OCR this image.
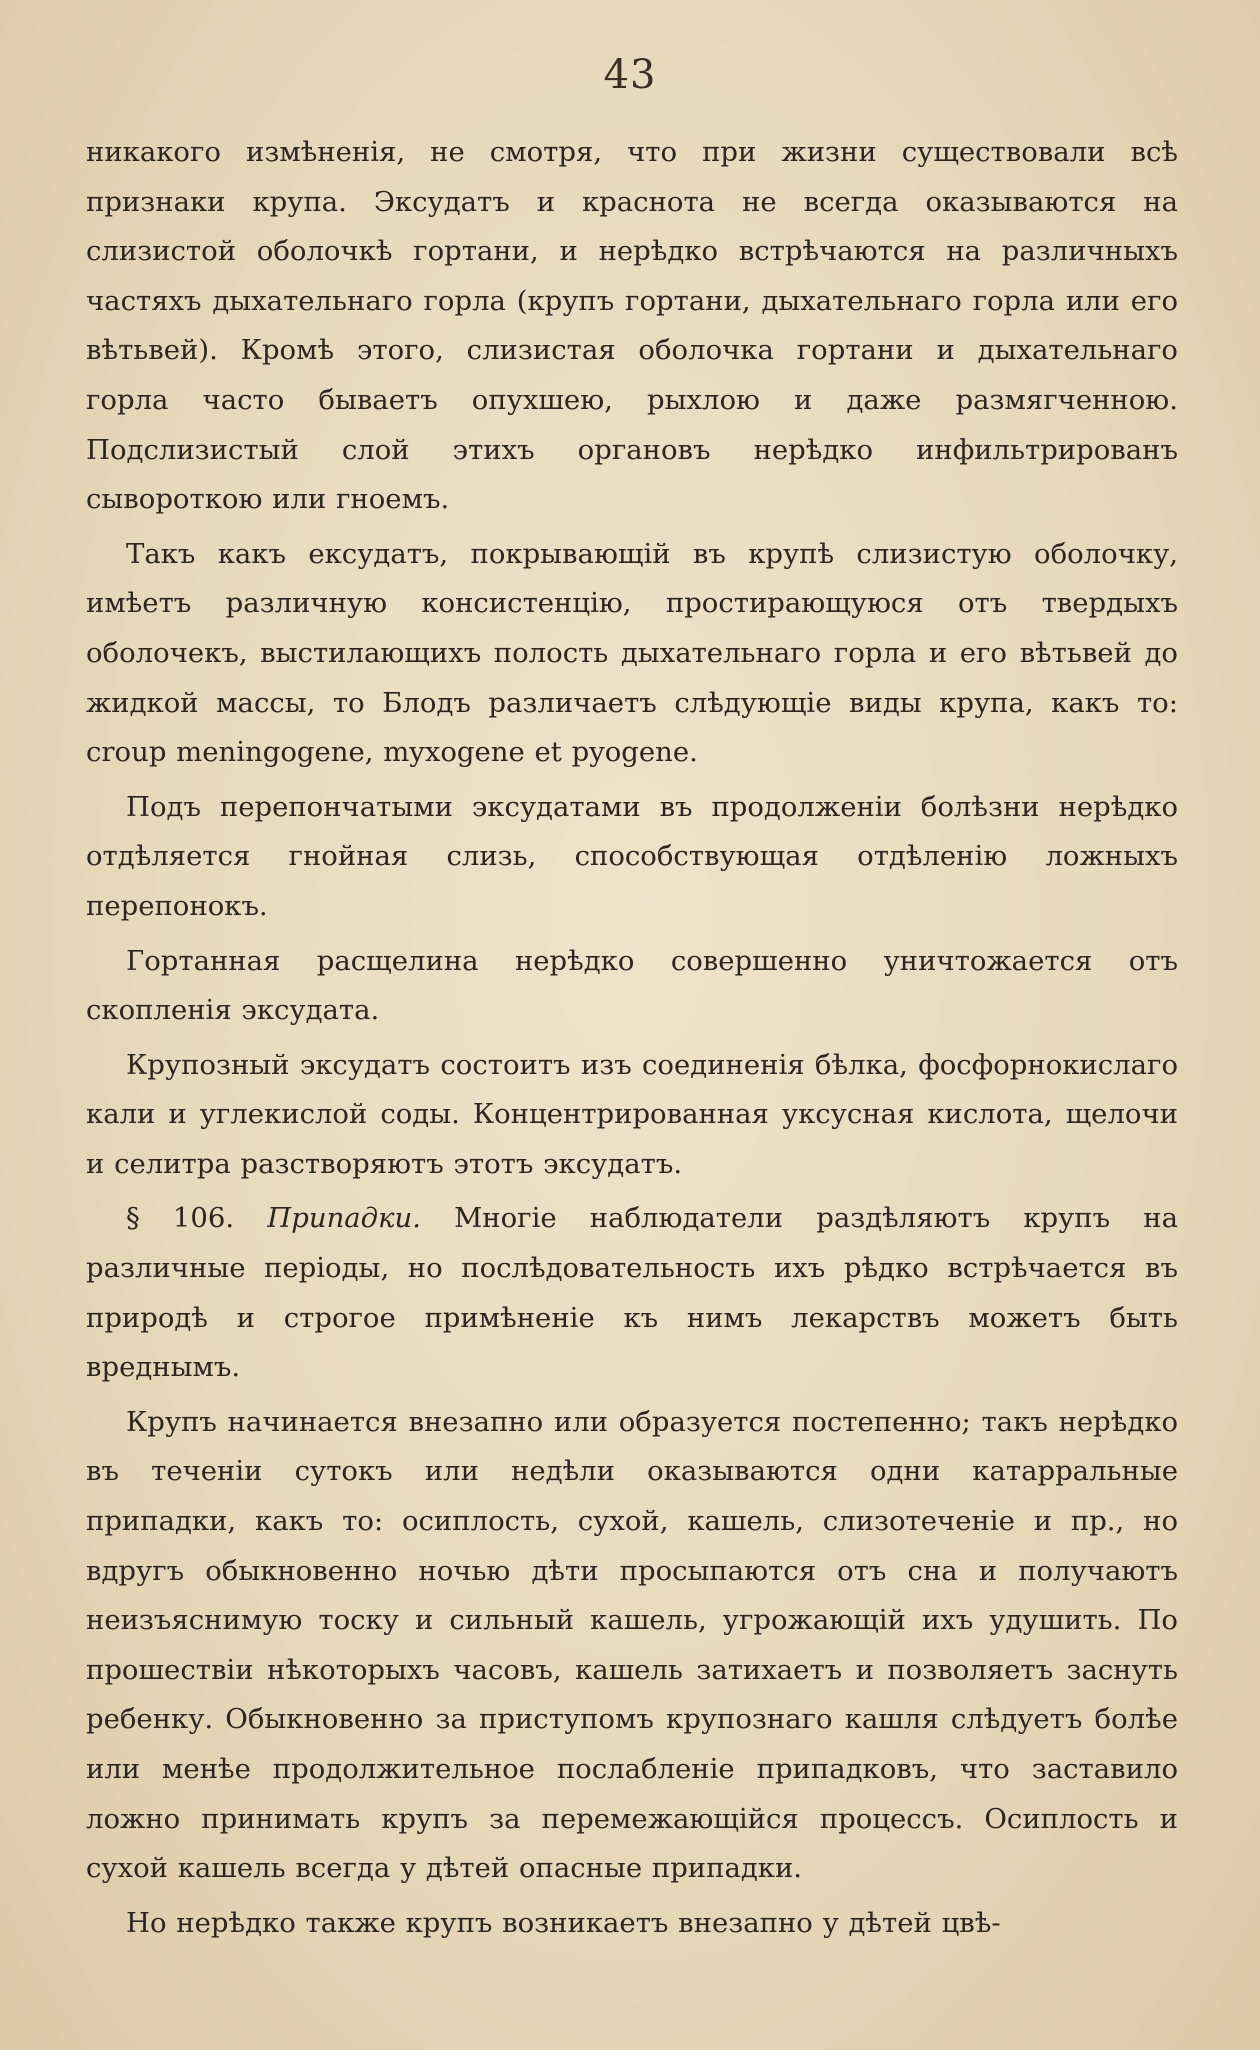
43

никакого измѣненія, не смотря, что при жизни существовали всѣ признаки крупа. Эксудатъ и краснота не всегда оказываются на слизистой оболочкѣ гортани, и нерѣдко встрѣчаются на различныхъ частяхъ дыхательнаго горла (крупъ гортани, дыхательнаго горла или его вѣтьвей). Кромѣ этого, слизистая оболочка гортани и дыхательнаго горла часто бываетъ опухшею, рыхлою и даже размягченною. Подслизистый слой этихъ органовъ нерѣдко инфильтрированъ сывороткою или гноемъ.

Такъ какъ ексудатъ, покрывающій въ крупѣ слизистую оболочку, имѣетъ различную консистенцію, простирающуюся отъ твердыхъ оболочекъ, выстилающихъ полость дыхательнаго горла и его вѣтьвей до жидкой массы, то Блодъ различаетъ слѣдующіе виды крупа, какъ то: croup meningogene, myxogene et pyogene.

Подъ перепончатыми эксудатами въ продолженіи болѣзни нерѣдко отдѣляется гнойная слизь, способствующая отдѣленію ложныхъ перепонокъ.

Гортанная расщелина нерѣдко совершенно уничтожается отъ скопленія эксудата.

Крупозный эксудатъ состоитъ изъ соединенія бѣлка, фосфорнокислаго кали и углекислой соды. Концентрированная уксусная кислота, щелочи и селитра разстворяютъ этотъ эксудатъ.

§ 106. Припадки. Многіе наблюдатели раздѣляютъ крупъ на различные періоды, но послѣдовательность ихъ рѣдко встрѣчается въ природѣ и строгое примѣненіе къ нимъ лекарствъ можетъ быть вреднымъ.

Крупъ начинается внезапно или образуется постепенно; такъ нерѣдко въ теченіи сутокъ или недѣли оказываются одни катарральные припадки, какъ то: осиплость, сухой, кашель, слизотеченіе и пр., но вдругъ обыкновенно ночью дѣти просыпаются отъ сна и получаютъ неизъяснимую тоску и сильный кашель, угрожающій ихъ удушить. По прошествіи нѣкоторыхъ часовъ, кашель затихаетъ и позволяетъ заснуть ребенку. Обыкновенно за приступомъ крупознаго кашля слѣдуетъ болѣе или менѣе продолжительное послабленіе припадковъ, что заставило ложно принимать крупъ за перемежающійся процессъ. Осиплость и сухой кашель всегда у дѣтей опасные припадки.

Но нерѣдко также крупъ возникаетъ внезапно у дѣтей цвѣ-
